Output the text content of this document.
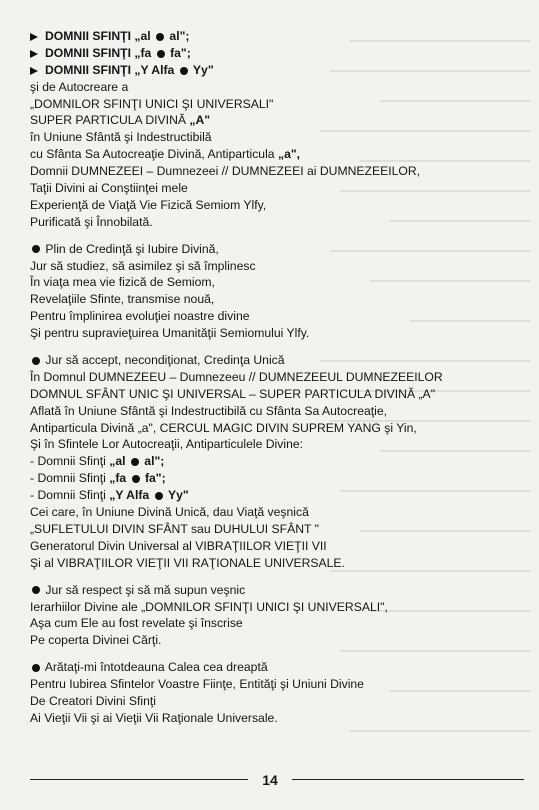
DOMNII SFINŢI „al al";
DOMNII SFINŢI „fa fa";
DOMNII SFINŢI „Y Alfa Yy"
şi de Autocreare a
„DOMNILOR SFINŢI UNICI ŞI UNIVERSALI"
SUPER PARTICULA DIVINĂ „A"
în Uniune Sfântă şi Indestructibilă
cu Sfânta Sa Autocreaţie Divină, Antiparticula „a",
Domnii DUMNEZEEI – Dumnezeei // DUMNEZEEI ai DUMNEZEEILOR,
Taţii Divini ai Conştiinţei mele
Experienţă de Viaţă Vie Fizică Semiom Ylfy,
Purificată şi Înnobilată.
Plin de Credinţă şi Iubire Divină,
Jur să studiez, să asimilez şi să împlinesc
În viaţa mea vie fizică de Semiom,
Revelaţiile Sfinte, transmise nouă,
Pentru împlinirea evoluţiei noastre divine
Şi pentru supravieţuirea Umanităţii Semiomului Ylfy.
Jur să accept, necondiţionat, Credinţa Unică
În Domnul DUMNEZEEU – Dumnezeeu // DUMNEZEEUL DUMNEZEEILOR
DOMNUL SFÂNT UNIC ŞI UNIVERSAL – SUPER PARTICULA DIVINĂ „A"
Aflată în Uniune Sfântă şi Indestructibilă cu Sfânta Sa Autocreaţie,
Antiparticula Divină „a", CERCUL MAGIC DIVIN SUPREM YANG şi Yin,
Şi în Sfintele Lor Autocreaţii, Antiparticulele Divine:
- Domnii Sfinţi „al al";
- Domnii Sfinţi „fa fa";
- Domnii Sfinţi „Y Alfa Yy"
Cei care, în Uniune Divină Unică, dau Viaţă veşnică
„SUFLETULUI DIVIN SFÂNT sau DUHULUI SFÂNT "
Generatorul Divin Universal al VIBRAŢIILOR VIEŢII VII
Şi al VIBRAŢIILOR VIEŢII VII RAŢIONALE UNIVERSALE.
Jur să respect şi să mă supun veşnic
Ierarhiilor Divine ale „DOMNILOR SFINŢI UNICI ŞI UNIVERSALI",
Aşa cum Ele au fost revelate şi înscrise
Pe coperta Divinei Cărţi.
Arătaţi-mi întotdeauna Calea cea dreaptă
Pentru Iubirea Sfintelor Voastre Fiinţe, Entităţi şi Uniuni Divine
De Creatori Divini Sfinţi
Ai Vieţii Vii şi ai Vieţii Vii Raţionale Universale.
14
